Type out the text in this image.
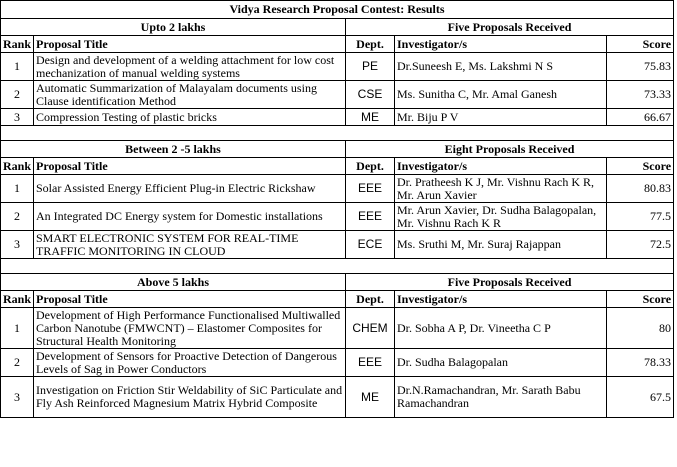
Vidya Research Proposal Contest: Results				
Upto 2 lakhs		Five Proposals Received		
Rank	Proposal Title	Dept.	Investigator/s	Score
1	Design and development of a welding attachment for low cost mechanization of manual welding systems	PE	Dr.Suneesh E, Ms. Lakshmi N S	75.83
2	Automatic Summarization of Malayalam documents using Clause identification Method	CSE	Ms. Sunitha C, Mr. Amal Ganesh	73.33
3	Compression Testing of plastic bricks	ME	Mr. Biju P V	66.67

Between 2 -5 lakhs		Eight Proposals Received		
Rank	Proposal Title	Dept.	Investigator/s	Score
1	Solar Assisted Energy Efficient Plug-in Electric Rickshaw	EEE	Dr. Pratheesh K J, Mr. Vishnu Rach K R, Mr. Arun Xavier	80.83
2	An Integrated DC Energy system for Domestic installations	EEE	Mr. Arun Xavier, Dr. Sudha Balagopalan, Mr. Vishnu Rach K R	77.5
3	SMART ELECTRONIC SYSTEM FOR REAL-TIME TRAFFIC MONITORING IN CLOUD	ECE	Ms. Sruthi M, Mr. Suraj Rajappan	72.5

Above 5 lakhs		Five Proposals Received		
Rank	Proposal Title	Dept.	Investigator/s	Score
1	Development of High Performance Functionalised Multiwalled Carbon Nanotube (FMWCNT) – Elastomer Composites for Structural Health Monitoring	CHEM	Dr. Sobha A P, Dr. Vineetha C P	80
2	Development of Sensors for Proactive Detection of Dangerous Levels of Sag in Power Conductors	EEE	Dr. Sudha Balagopalan	78.33
3	Investigation on Friction Stir Weldability of SiC Particulate and Fly Ash Reinforced Magnesium Matrix Hybrid Composite	ME	Dr.N.Ramachandran, Mr. Sarath Babu Ramachandran	67.5
